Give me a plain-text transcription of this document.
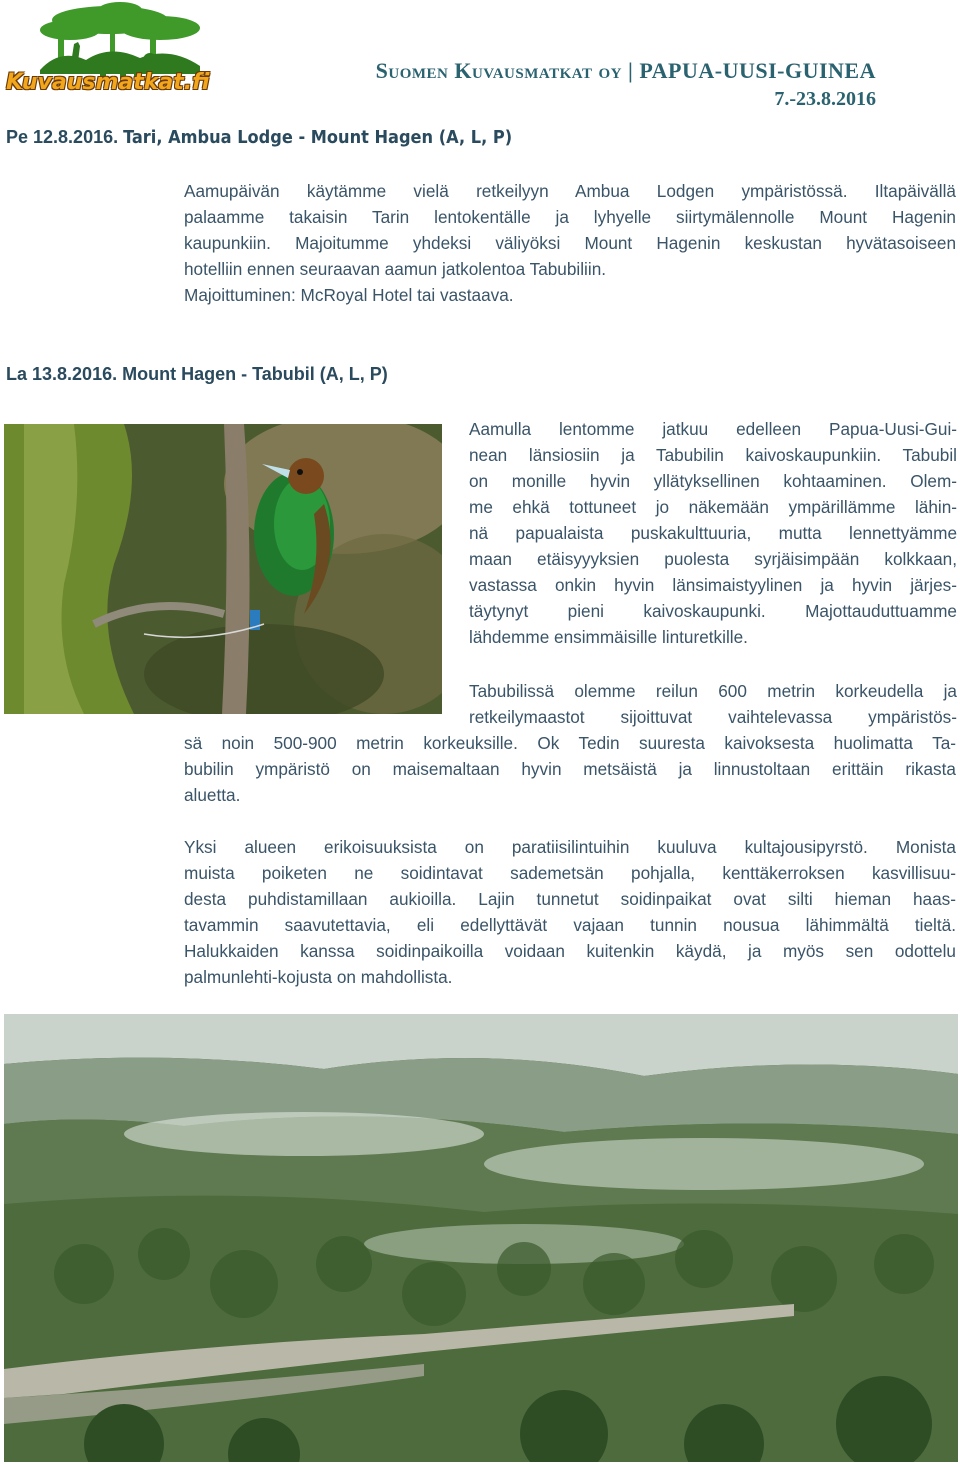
Kuvausmatkat.fi	Suomen Kuvausmatkat oy | PAPUA-UUSI-GUINEA
7.-23.8.2016
Pe 12.8.2016. Tari, Ambua Lodge - Mount Hagen (A, L, P)
Aamupäivän käytämme vielä retkeilyyn Ambua Lodgen ympäristössä. Iltapäivällä
palaamme takaisin Tarin lentokentälle ja lyhyelle siirtymälennolle Mount Hagenin
kaupunkiin. Majoitumme yhdeksi väliyöksi Mount Hagenin keskustan hyvätasoiseen
hotelliin ennen seuraavan aamun jatkolentoa Tabubiliin.
Majoittuminen: McRoyal Hotel tai vastaava.
La 13.8.2016. Mount Hagen - Tabubil (A, L, P)
Aamulla lentomme jatkuu edelleen Papua-Uusi-Gui-
nean länsiosiin ja Tabubilin kaivoskaupunkiin. Tabubil
on monille hyvin yllätyksellinen kohtaaminen. Olem-
me ehkä tottuneet jo näkemään ympärillämme lähin-
nä papualaista puskakulttuuria, mutta lennettyämme
maan etäisyyyksien puolesta syrjäisimpään kolkkaan,
vastassa onkin hyvin länsimaistyylinen ja hyvin järjes-
täytynyt pieni kaivoskaupunki. Majottauduttuamme
lähdemme ensimmäisille linturetkille.
Tabubilissä olemme reilun 600 metrin korkeudella ja
retkeilymaastot sijoittuvat vaihtelevassa ympäristös-
sä noin 500-900 metrin korkeuksille. Ok Tedin suuresta kaivoksesta huolimatta Ta-
bubilin ympäristö on maisemaltaan hyvin metsäistä ja linnustoltaan erittäin rikasta
aluetta.
Yksi alueen erikoisuuksista on paratiisilintuihin kuuluva kultajousipyrstö. Monista
muista poiketen ne soidintavat sademetsän pohjalla, kenttäkerroksen kasvillisuu-
desta puhdistamillaan aukioilla. Lajin tunnetut soidinpaikat ovat silti hieman haas-
tavammin saavutettavia, eli edellyttävät vajaan tunnin nousua lähimmältä tieltä.
Halukkaiden kanssa soidinpaikoilla voidaan kuitenkin käydä, ja myös sen odottelu
palmunlehti-kojusta on mahdollista.
